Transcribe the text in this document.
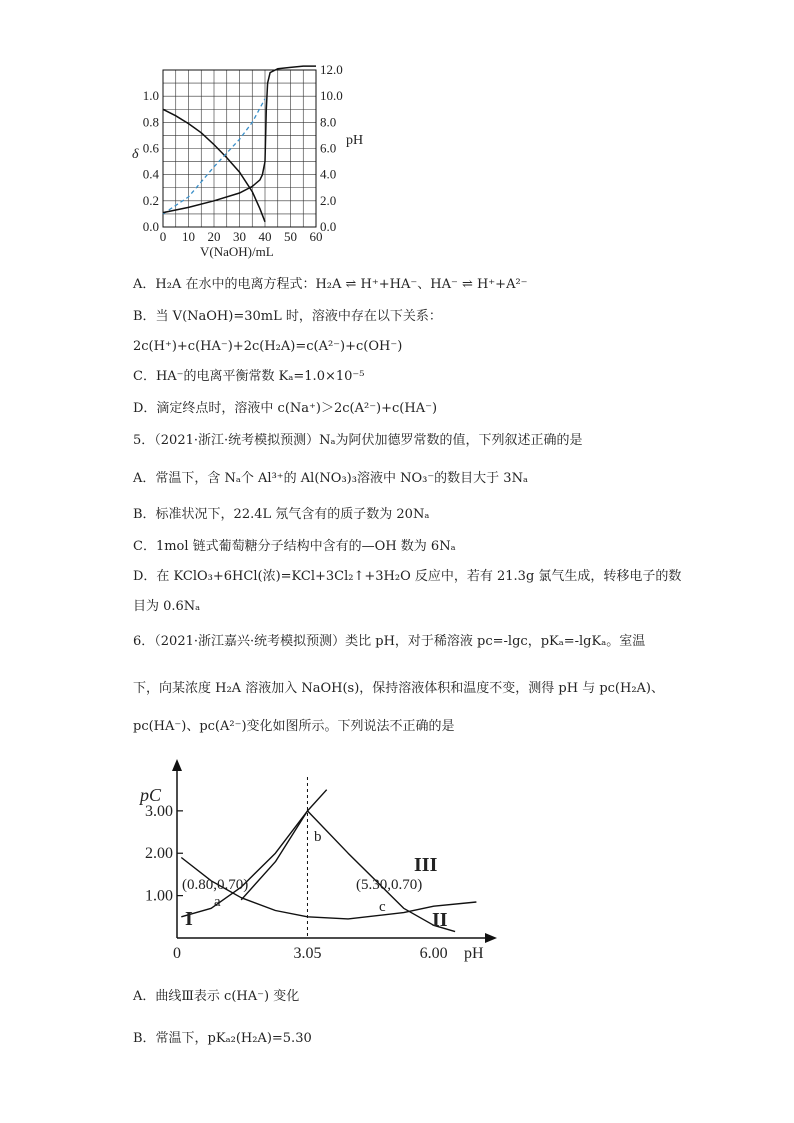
0.0
0.2
0.4
0.6
0.8
1.0
0.0
2.0
4.0
6.0
8.0
10.0
12.0
0 10 20 30 40 50 60
δ
pH
V(NaOH)/mL
A．H₂A 在水中的电离方程式：H₂A ⇌ H⁺+HA⁻、HA⁻ ⇌ H⁺+A²⁻
B．当 V(NaOH)=30mL 时，溶液中存在以下关系：
2c(H⁺)+c(HA⁻)+2c(H₂A)=c(A²⁻)+c(OH⁻)
C．HA⁻的电离平衡常数 Kₐ=1.0×10⁻⁵
D．滴定终点时，溶液中 c(Na⁺)＞2c(A²⁻)+c(HA⁻)
5．（2021·浙江·统考模拟预测）Nₐ为阿伏加德罗常数的值，下列叙述正确的是
A．常温下，含 Nₐ个 Al³⁺的 Al(NO₃)₃溶液中 NO₃⁻的数目大于 3Nₐ
B．标准状况下，22.4L 氖气含有的质子数为 20Nₐ
C．1mol 链式葡萄糖分子结构中含有的—OH 数为 6Nₐ
D．在 KClO₃+6HCl(浓)=KCl+3Cl₂↑+3H₂O 反应中，若有 21.3g 氯气生成，转移电子的数
目为 0.6Nₐ
6．（2021·浙江嘉兴·统考模拟预测）类比 pH，对于稀溶液 pc=-lgc，pKₐ=-lgKₐ。室温
下，向某浓度 H₂A 溶液加入 NaOH(s)，保持溶液体积和温度不变，测得 pH 与 pc(H₂A)、
pc(HA⁻)、pc(A²⁻)变化如图所示。下列说法不正确的是
1.00
2.00
3.00
0	3.05	6.00
pC
pH
I	II
III
a
b
c
(0.80,0.70)	(5.30,0.70)
A．曲线Ⅲ表示 c(HA⁻) 变化
B．常温下，pKₐ₂(H₂A)=5.30
